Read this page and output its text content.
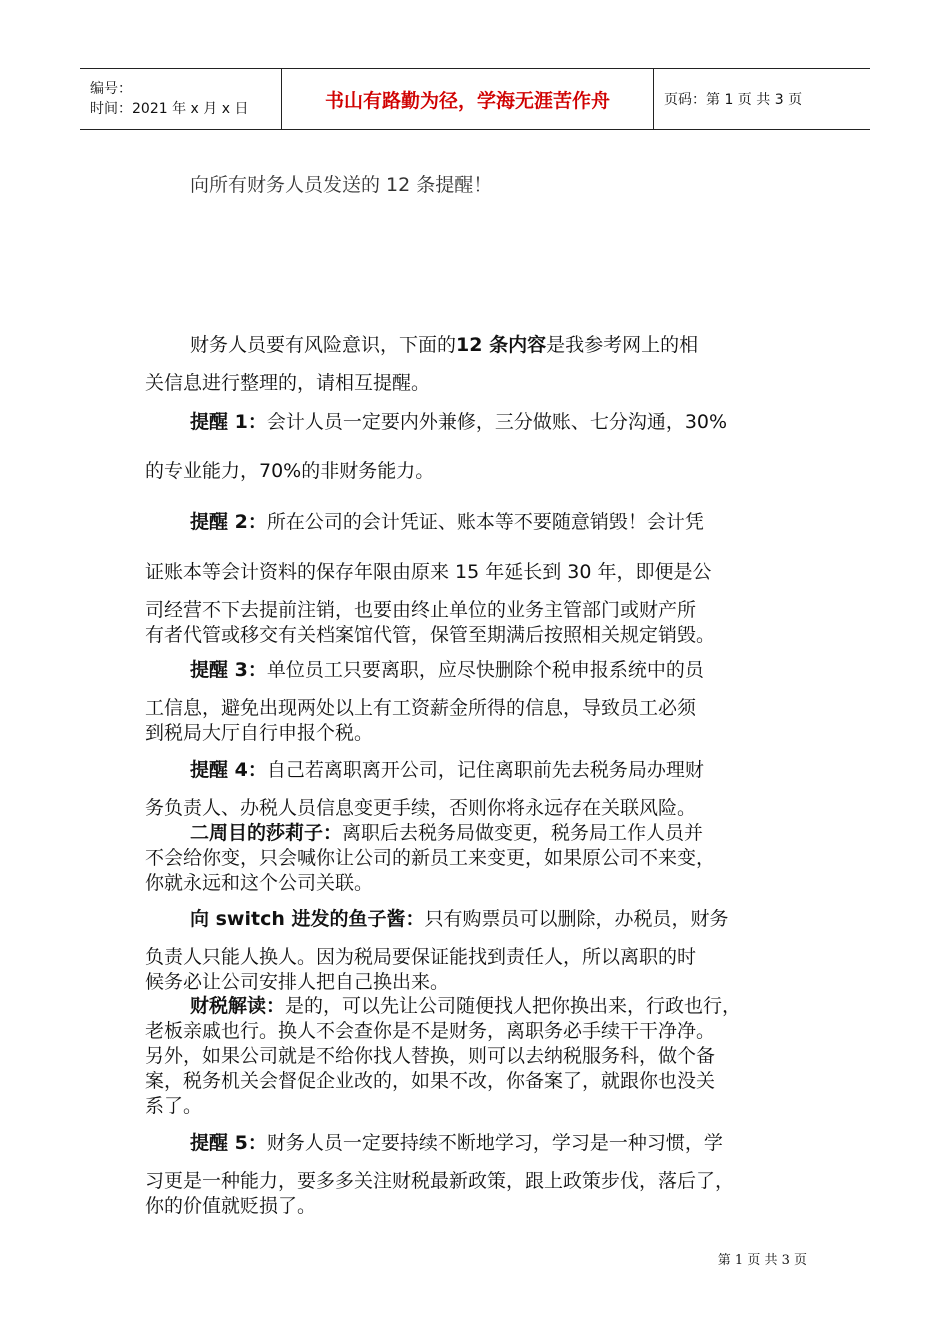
编号：
时间：2021 年 x 月 x 日	书山有路勤为径，学海无涯苦作舟	页码：第 1 页 共 3 页
向所有财务人员发送的 12 条提醒！
财务人员要有风险意识，下面的12 条内容是我参考网上的相
关信息进行整理的，请相互提醒。
提醒 1：会计人员一定要内外兼修，三分做账、七分沟通，30%
的专业能力，70%的非财务能力。
提醒 2：所在公司的会计凭证、账本等不要随意销毁！会计凭
证账本等会计资料的保存年限由原来 15 年延长到 30 年，即便是公
司经营不下去提前注销，也要由终止单位的业务主管部门或财产所
有者代管或移交有关档案馆代管，保管至期满后按照相关规定销毁。
提醒 3：单位员工只要离职，应尽快删除个税申报系统中的员
工信息，避免出现两处以上有工资薪金所得的信息，导致员工必须
到税局大厅自行申报个税。
提醒 4：自己若离职离开公司，记住离职前先去税务局办理财
务负责人、办税人员信息变更手续，否则你将永远存在关联风险。
二周目的莎莉子：离职后去税务局做变更，税务局工作人员并
不会给你变，只会喊你让公司的新员工来变更，如果原公司不来变，
你就永远和这个公司关联。
向 switch 进发的鱼子酱：只有购票员可以删除，办税员，财务
负责人只能人换人。因为税局要保证能找到责任人，所以离职的时
候务必让公司安排人把自己换出来。
财税解读：是的，可以先让公司随便找人把你换出来，行政也行，
老板亲戚也行。换人不会查你是不是财务，离职务必手续干干净净。
另外，如果公司就是不给你找人替换，则可以去纳税服务科，做个备
案，税务机关会督促企业改的，如果不改，你备案了，就跟你也没关
系了。
提醒 5：财务人员一定要持续不断地学习，学习是一种习惯，学
习更是一种能力，要多多关注财税最新政策，跟上政策步伐，落后了，
你的价值就贬损了。
第 1 页 共 3 页
